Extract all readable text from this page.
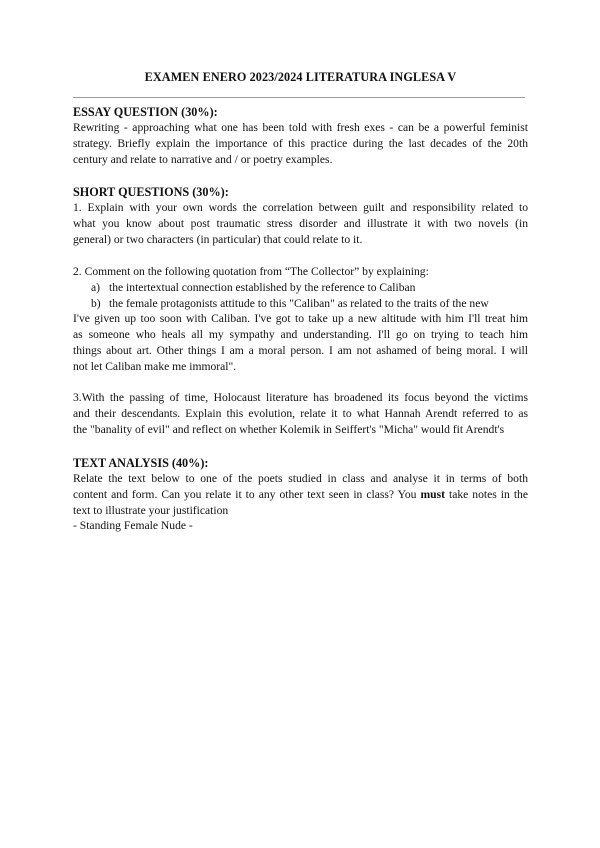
EXAMEN ENERO 2023/2024 LITERATURA INGLESA V
ESSAY QUESTION (30%):
Rewriting - approaching what one has been told with fresh exes - can be a powerful feminist
strategy. Briefly explain the importance of this practice during the last decades of the 20th
century and relate to narrative and / or poetry examples.
SHORT QUESTIONS (30%):
1. Explain with your own words the correlation between guilt and responsibility related to
what you know about post traumatic stress disorder and illustrate it with two novels (in
general) or two characters (in particular) that could relate to it.
2. Comment on the following quotation from “The Collector” by explaining:
a) the intertextual connection established by the reference to Caliban
b) the female protagonists attitude to this "Caliban" as related to the traits of the new
I've given up too soon with Caliban. I've got to take up a new altitude with him I'll treat him
as someone who heals all my sympathy and understanding. I'll go on trying to teach him
things about art. Other things I am a moral person. I am not ashamed of being moral. I will
not let Caliban make me immoral".
3.With the passing of time, Holocaust literature has broadened its focus beyond the victims
and their descendants. Explain this evolution, relate it to what Hannah Arendt referred to as
the "banality of evil" and reflect on whether Kolemik in Seiffert's "Micha" would fit Arendt's
TEXT ANALYSIS (40%):
Relate the text below to one of the poets studied in class and analyse it in terms of both
content and form. Can you relate it to any other text seen in class? You must take notes in the
text to illustrate your justification
- Standing Female Nude -
